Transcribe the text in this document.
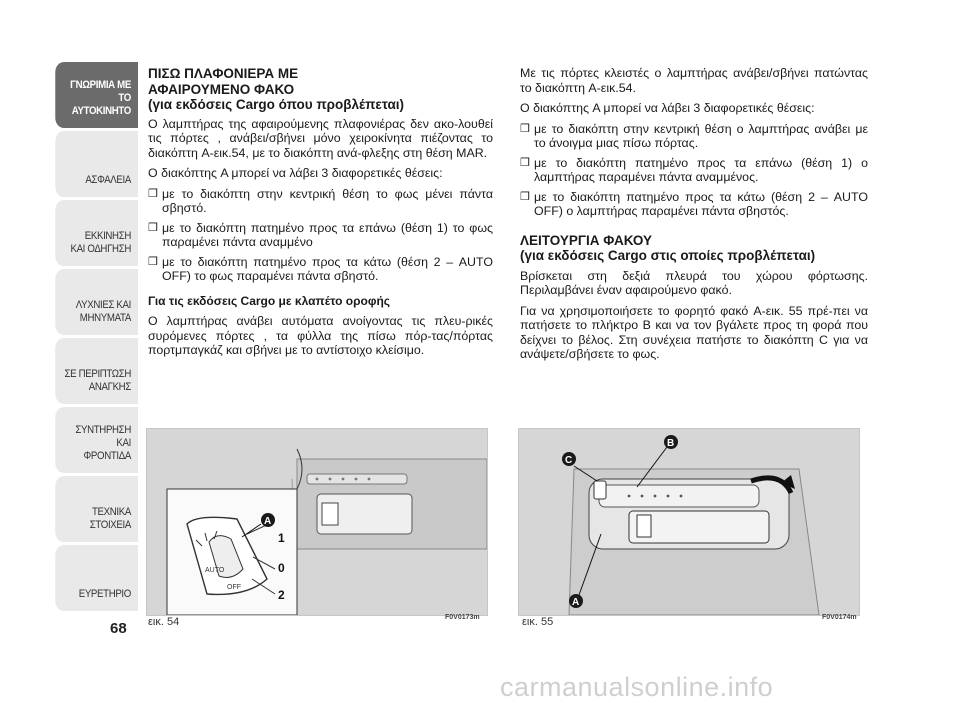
ΓΝΩΡΙΜΙΑ ΜΕ
ΤΟ ΑΥΤΟΚΙΝΗΤΟ
ΑΣΦΑΛΕΙΑ
ΕΚΚΙΝΗΣΗ
ΚΑΙ ΟΔΗΓΗΣΗ
ΛΥΧΝΙΕΣ ΚΑΙ
ΜΗΝΥΜΑΤΑ
ΣΕ ΠΕΡΙΠΤΩΣΗ
ΑΝΑΓΚΗΣ
ΣΥΝΤΗΡΗΣΗ ΚΑΙ
ΦΡΟΝΤΙΔΑ
ΤΕΧΝΙΚΑ
ΣΤΟΙΧΕΙΑ
ΕΥΡΕΤΗΡΙΟ
68
ΠΙΣΩ ΠΛΑΦΟΝΙΕΡΑ ΜΕ
ΑΦΑΙΡΟΥΜΕΝΟ ΦΑΚΟ
(για εκδόσεις Cargo όπου προβλέπεται)

Ο λαμπτήρας της αφαιρούμενης πλαφονιέρας δεν ακο-λουθεί τις πόρτες , ανάβει/σβήνει μόνο χειροκίνητα πιέζοντας το διακόπτη A-εικ.54, με το διακόπτη ανά-φλεξης στη θέση MAR.

Ο διακόπτης A μπορεί να λάβει 3 διαφορετικές θέσεις:

❒ με το διακόπτη στην κεντρική θέση το φως μένει πάντα σβηστό.
❒ με το διακόπτη πατημένο προς τα επάνω (θέση 1) το φως παραμένει πάντα αναμμένο
❒ με το διακόπτη πατημένο προς τα κάτω (θέση 2 – AUTO OFF) το φως παραμένει πάντα σβηστό.
Για τις εκδόσεις Cargo με κλαπέτο οροφής

Ο λαμπτήρας ανάβει αυτόματα ανοίγοντας τις πλευ-ρικές συρόμενες πόρτες , τα φύλλα της πίσω πόρ-τας/πόρτας πορτμπαγκάζ και σβήνει με το αντίστοιχο κλείσιμο.

Με τις πόρτες κλειστές ο λαμπτήρας ανάβει/σβήνει πατώντας το διακόπτη A-εικ.54.

Ο διακόπτης A μπορεί να λάβει 3 διαφορετικές θέσεις:

❒ με το διακόπτη στην κεντρική θέση ο λαμπτήρας ανάβει με το άνοιγμα μιας πίσω πόρτας.
❒ με το διακόπτη πατημένο προς τα επάνω (θέση 1) ο λαμπτήρας παραμένει πάντα αναμμένος.
❒ με το διακόπτη πατημένο προς τα κάτω (θέση 2 – AUTO OFF) ο λαμπτήρας παραμένει πάντα σβηστός.
ΛΕΙΤΟΥΡΓΙΑ ΦΑΚΟΥ
(για εκδόσεις Cargo στις οποίες προβλέπεται)

Βρίσκεται στη δεξιά πλευρά του χώρου φόρτωσης. Περιλαμβάνει έναν αφαιρούμενο φακό.

Για να χρησιμοποιήσετε το φορητό φακό A-εικ. 55 πρέ-πει να πατήσετε το πλήκτρο B και να τον βγάλετε προς τη φορά που δείχνει το βέλος. Στη συνέχεια πατήστε το διακόπτη C για να ανάψετε/σβήσετε το φως.

AUTO
OFF
1
0
2
A
εικ. 54	F0V0173m
C
B
A
εικ. 55	F0V0174m
carmanualsonline.info
